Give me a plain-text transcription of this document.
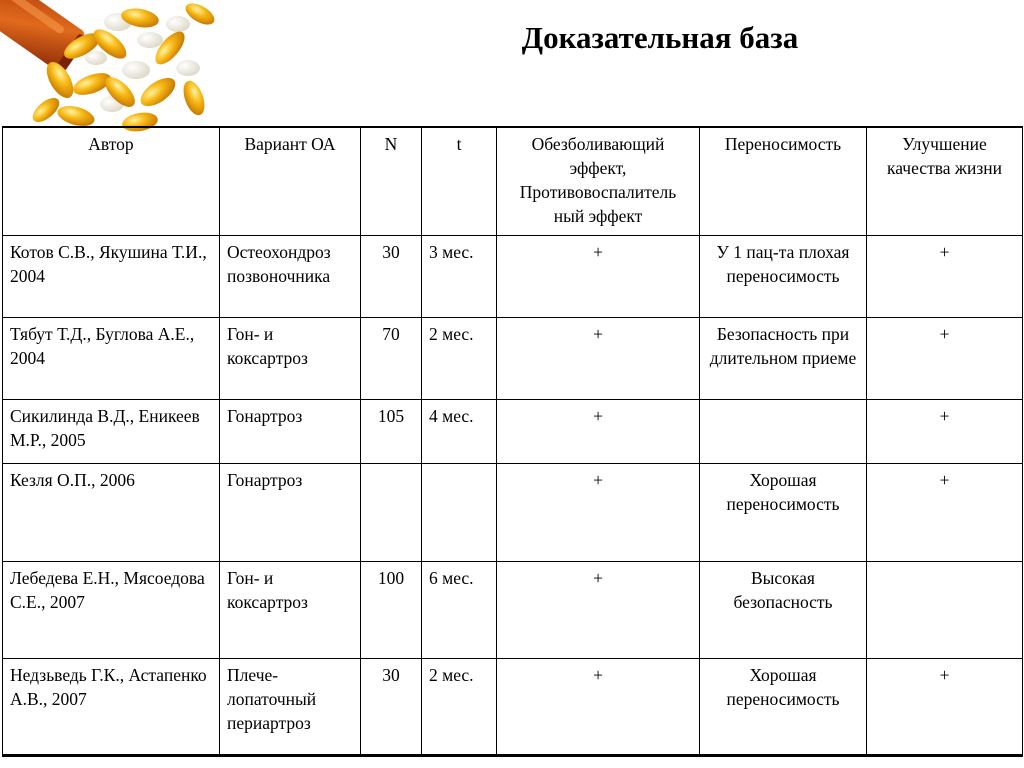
Доказательная база
Автор	Вариант ОА	N	t	Обезболивающий эффект, Противовоспалитель ный эффект	Переносимость	Улучшение качества жизни
Котов С.В., Якушина Т.И., 2004	Остеохондроз позвоночника	30	3 мес.	+	У 1 пац-та плохая переносимость	+
Тябут Т.Д., Буглова А.Е., 2004	Гон- и коксартроз	70	2 мес.	+	Безопасность при длительном приеме	+
Сикилинда В.Д., Еникеев М.Р., 2005	Гонартроз	105	4 мес.	+		+
Кезля О.П., 2006	Гонартроз			+	Хорошая переносимость	+
Лебедева Е.Н., Мясоедова С.Е., 2007	Гон- и коксартроз	100	6 мес.	+	Высокая безопасность	
Недзьведь Г.К., Астапенко А.В., 2007	Плече-лопаточный периартроз	30	2 мес.	+	Хорошая переносимость	+
